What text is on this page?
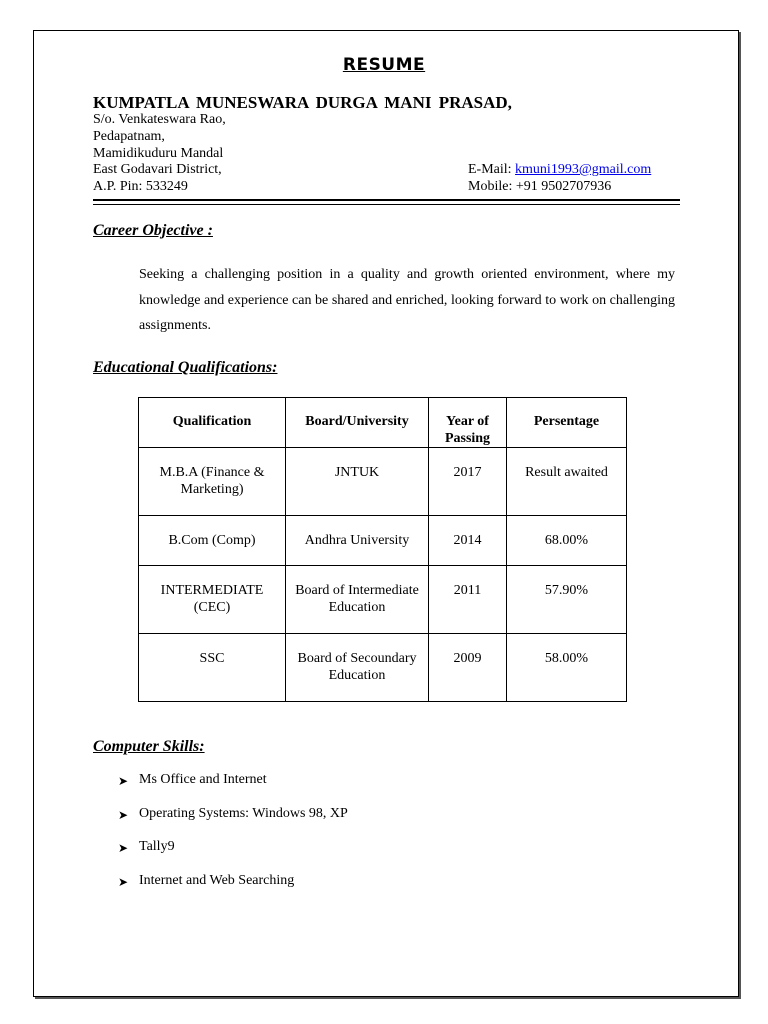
RESUME
KUMPATLA MUNESWARA DURGA MANI PRASAD,
S/o. Venkateswara Rao,
Pedapatnam,
Mamidikuduru Mandal
East Godavari District,
A.P. Pin: 533249
E-Mail: kmuni1993@gmail.com
Mobile: +91 9502707936
Career Objective :
Seeking a challenging position in a quality and growth oriented environment, where my knowledge and experience can be shared and enriched, looking forward to work on challenging assignments.
Educational Qualifications:
Qualification	Board/University	Year of Passing	Persentage
M.B.A (Finance & Marketing)	JNTUK	2017	Result awaited
B.Com (Comp)	Andhra University	2014	68.00%
INTERMEDIATE (CEC)	Board of Intermediate Education	2011	57.90%
SSC	Board of Secoundary Education	2009	58.00%
Computer Skills:
➤ Ms Office and Internet
➤ Operating Systems: Windows 98, XP
➤ Tally9
➤ Internet and Web Searching
